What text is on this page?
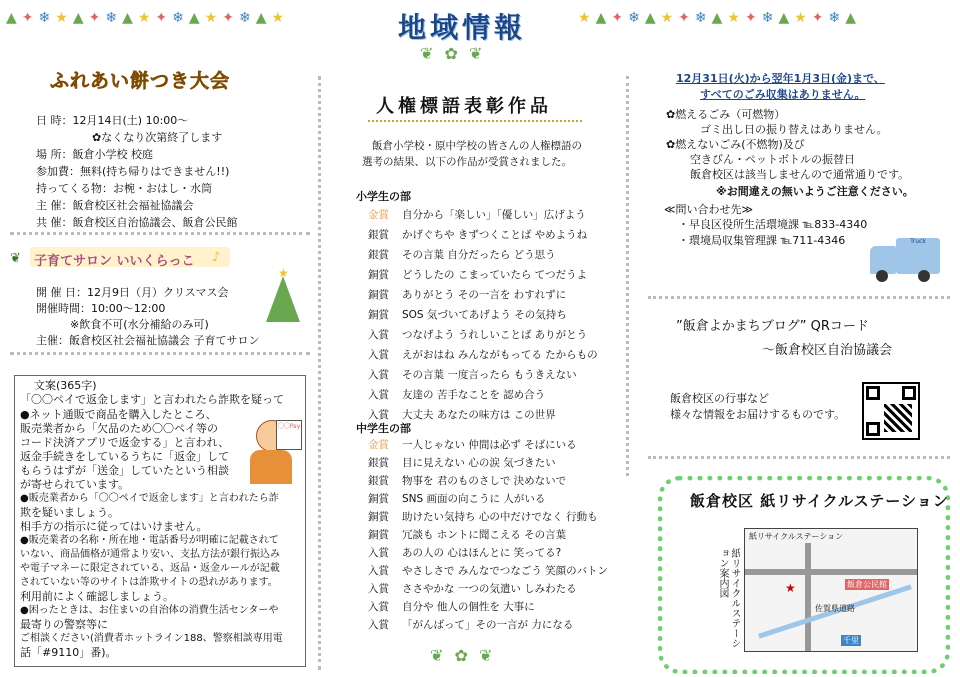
▲ ✦ ❄ ★ ▲ ✦ ❄ ▲ ★ ✦ ❄ ▲ ★ ✦ ❄ ▲ ★	地域情報	★ ▲ ✦ ❄ ▲ ★ ✦ ❄ ▲ ★ ✦ ❄ ▲ ★ ✦ ❄ ▲
ふれあい餅つき大会
日 時：12月14日(土) 10:00～
✿なくなり次第終了します
場 所：飯倉小学校 校庭
参加費：無料(持ち帰りはできません!!)
持ってくる物：お椀・おはし・水筒
主 催：飯倉校区社会福祉協議会
共 催：飯倉校区自治協議会、飯倉公民館
❦ 子育てサロン いいくらっこ ♪
開 催 日：12月9日（月）クリスマス会
開催時間：10:00～12:00
※飲食不可(水分補給のみ可)
主催：飯倉校区社会福祉協議会 子育てサロン
★
文案(365字)
「〇〇ペイで返金します」と言われたら詐欺を疑って
〇〇Pay
●ネット通販で商品を購入したところ、
販売業者から「欠品のため〇〇ペイ等の
コード決済アプリで返金する」と言われ、
返金手続きをしているうちに「返金」して
もらうはずが「送金」していたという相談
が寄せられています。
●販売業者から「〇〇ペイで返金します」と言われたら詐
欺を疑いましょう。
相手方の指示に従ってはいけません。
●販売業者の名称・所在地・電話番号が明確に記載されて
いない、商品価格が通常より安い、支払方法が銀行振込み
や電子マネーに限定されている、返品・返金ルールが記載
されていない等のサイトは詐欺サイトの恐れがあります。
利用前によく確認しましょう。
●困ったときは、お住まいの自治体の消費生活センターや
最寄りの警察等に
ご相談ください(消費者ホットライン188、警察相談専用電
話「#9110」番)。
❦ ✿ ❦
人権標語表彰作品
飯倉小学校・原中学校の皆さんの人権標語の
選考の結果、以下の作品が受賞されました。
小学生の部
金賞 自分から「楽しい」「優しい」広げよう
銀賞 かげぐちや きずつくことば やめようね
銀賞 その言葉 自分だったら どう思う
銅賞 どうしたの こまっていたら てつだうよ
銅賞 ありがとう その一言を わすれずに
銅賞 SOS 気づいてあげよう その気持ち
入賞 つなげよう うれしいことば ありがとう
入賞 えがおはね みんながもってる たからもの
入賞 その言葉 一度言ったら もうきえない
入賞 友達の 苦手なことを 認め合う
入賞 大丈夫 あなたの味方は この世界
中学生の部
金賞 一人じゃない 仲間は必ず そばにいる
銀賞 目に見えない 心の涙 気づきたい
銀賞 物事を 君のものさしで 決めないで
銅賞 SNS 画面の向こうに 人がいる
銅賞 助けたい気持ち 心の中だけでなく 行動も
銅賞 冗談も ホントに聞こえる その言葉
入賞 あの人の 心はほんとに 笑ってる?
入賞 やさしさで みんなでつなごう 笑顔のバトン
入賞 ささやかな 一つの気遣い しみわたる
入賞 自分や 他人の個性を 大事に
入賞 「がんばって」その一言が 力になる
❦ ✿ ❦
12月31日(火)から翌年1月3日(金)まで、
すべてのごみ収集はありません。
✿燃えるごみ（可燃物）
ゴミ出し日の振り替えはありません。
✿燃えないごみ(不燃物)及び
空きびん・ペットボトルの振替日
飯倉校区は該当しませんので通常通りです。
※お間違えの無いようご注意ください。
≪問い合わせ先≫
・早良区役所生活環境課 ℡833-4340
・環境局収集管理課 ℡711-4346	Truck
”飯倉よかまちブログ” QRコード
～飯倉校区自治協議会
飯倉校区の行事など
様々な情報をお届けするものです。
飯倉校区 紙リサイクルステーション
紙リサイクルステーション案内図
紙リサイクルステーション
飯倉公民館
佐賀県道路
千里
★
